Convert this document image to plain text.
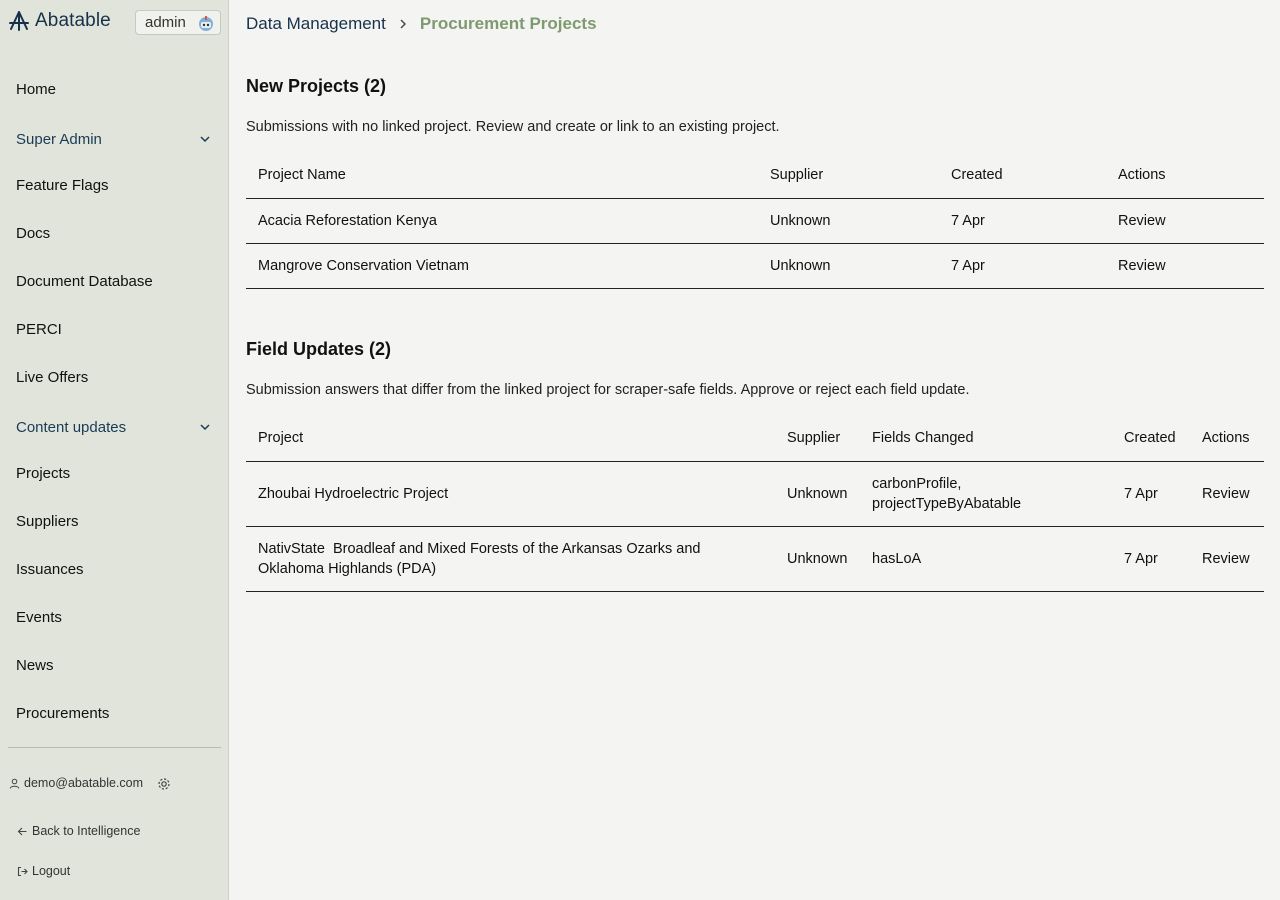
Abatable admin
Home
Super Admin
Feature Flags
Docs
Document Database
PERCI
Live Offers
Content updates
Projects
Suppliers
Issuances
Events
News
Procurements
demo@abatable.com
Back to Intelligence
Logout
Data Management Procurement Projects
New Projects (2)
Submissions with no linked project. Review and create or link to an existing project.
Project Name	Supplier	Created	Actions
Acacia Reforestation Kenya	Unknown	7 Apr	Review
Mangrove Conservation Vietnam	Unknown	7 Apr	Review
Field Updates (2)
Submission answers that differ from the linked project for scraper-safe fields. Approve or reject each field update.
Project	Supplier	Fields Changed	Created	Actions
Zhoubai Hydroelectric Project	Unknown	carbonProfile, projectTypeByAbatable	7 Apr	Review
NativState ⁠ Broadleaf and Mixed Forests of the Arkansas Ozarks and Oklahoma Highlands (PDA)	Unknown	hasLoA	7 Apr	Review
